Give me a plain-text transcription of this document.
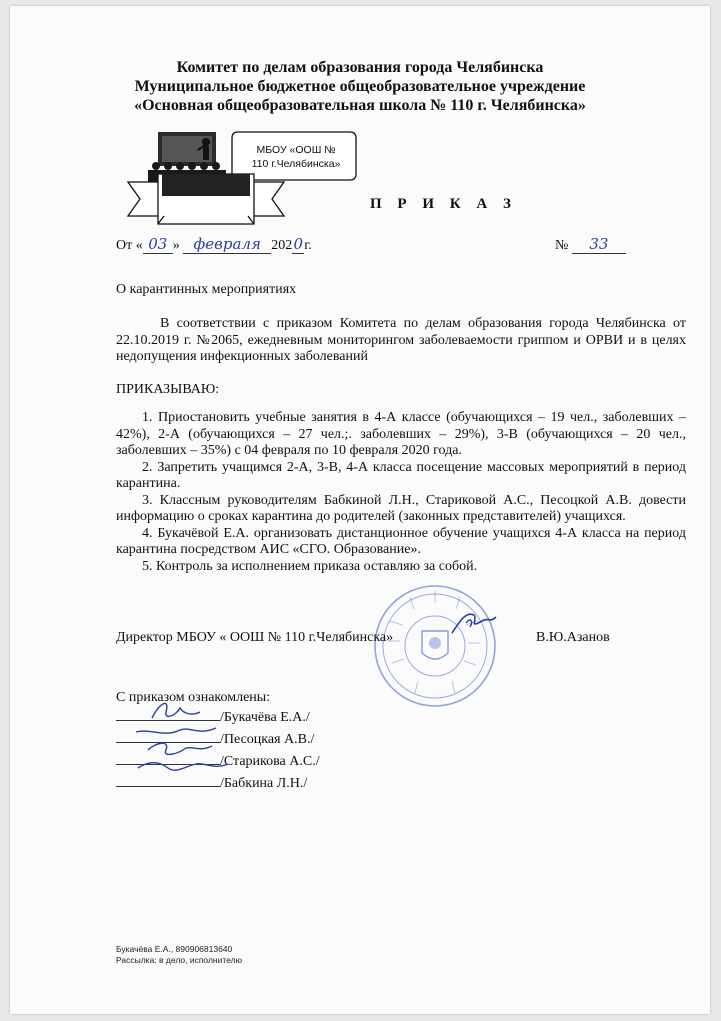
Комитет по делам образования города Челябинска
Муниципальное бюджетное общеобразовательное учреждение
«Основная общеобразовательная школа № 110 г. Челябинска»
МБОУ «ООШ №
110 г.Челябинска»
П Р И К А З
От « 03 » февраля 2020г.	№ 33
О карантинных мероприятиях
В соответствии с приказом Комитета по делам образования города Челябинска от 22.10.2019 г. №2065, ежедневным мониторингом заболеваемости гриппом и ОРВИ и в целях недопущения инфекционных заболеваний
ПРИКАЗЫВАЮ:

1. Приостановить учебные занятия в 4-А классе (обучающихся – 19 чел., заболевших – 42%), 2-А (обучающихся – 27 чел.;. заболевших – 29%), 3-В (обучающихся – 20 чел., заболевших – 35%) с 04 февраля по 10 февраля 2020 года.

2. Запретить учащимся 2-А, 3-В, 4-А класса посещение массовых мероприятий в период карантина.

3. Классным руководителям Бабкиной Л.Н., Стариковой А.С., Песоцкой А.В. довести информацию о сроках карантина до родителей (законных представителей) учащихся.

4. Букачёвой Е.А. организовать дистанционное обучение учащихся 4-А класса на период карантина посредством АИС «СГО. Образование».

5. Контроль за исполнением приказа оставляю за собой.

Директор МБОУ « ООШ № 110 г.Челябинска»	В.Ю.Азанов
С приказом ознакомлены:
/Букачёва Е.А./
/Песоцкая А.В./
/Старикова А.С./
/Бабкина Л.Н./
Букачёва Е.А., 890906813640
Рассылка: в дело, исполнителю
